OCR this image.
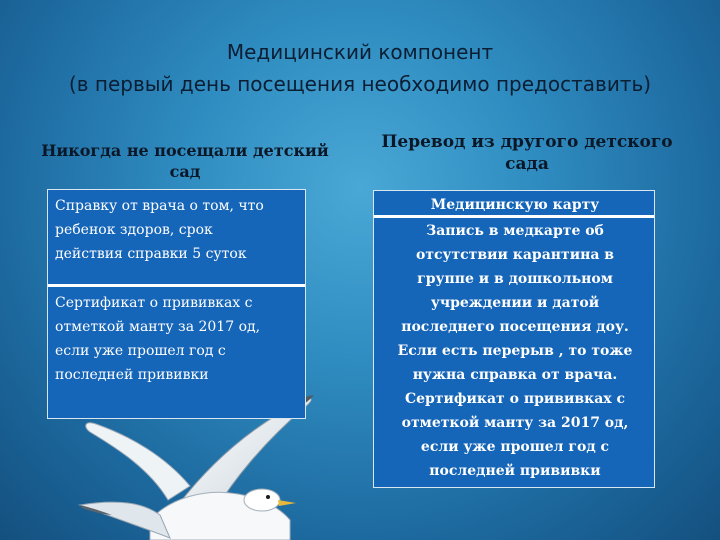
Медицинский компонент
(в первый день посещения необходимо предоставить)
Никогда не посещали детский
сад
Перевод из другого детского
сада
Справку от врача о том, что
ребенок здоров, срок
действия справки 5 суток
Сертификат о прививках с
отметкой манту за 2017 од,
если уже прошел год с
последней прививки
Медицинскую карту
Запись в медкарте об
отсутствии карантина в
группе и в дошкольном
учреждении и датой
последнего посещения доу.
Если есть перерыв , то тоже
нужна справка от врача.
Сертификат о прививках с
отметкой манту за 2017 од,
если уже прошел год с
последней прививки
